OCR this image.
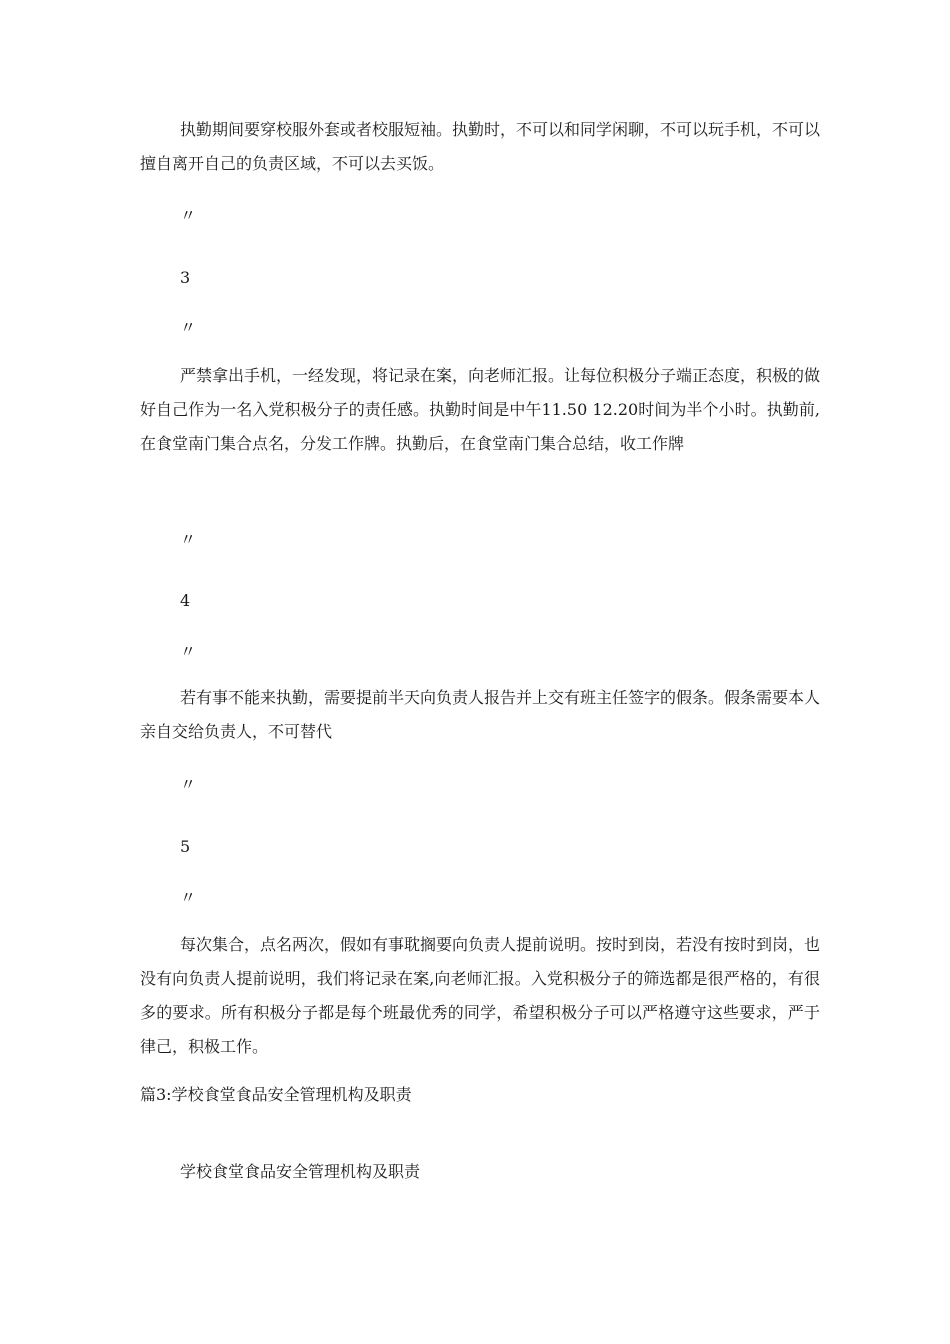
执勤期间要穿校服外套或者校服短袖。执勤时，不可以和同学闲聊，不可以玩手机，不可以擅自离开自己的负责区域，不可以去买饭。
〃
3
〃
严禁拿出手机，一经发现，将记录在案，向老师汇报。让每位积极分子端正态度，积极的做好自己作为一名入党积极分子的责任感。执勤时间是中午11.50 12.20时间为半个小时。执勤前,在食堂南门集合点名，分发工作牌。执勤后，在食堂南门集合总结，收工作牌
〃
4
〃
若有事不能来执勤，需要提前半天向负责人报告并上交有班主任签字的假条。假条需要本人亲自交给负责人，不可替代
〃
5
〃
每次集合，点名两次，假如有事耽搁要向负责人提前说明。按时到岗，若没有按时到岗，也没有向负责人提前说明，我们将记录在案,向老师汇报。入党积极分子的筛选都是很严格的，有很多的要求。所有积极分子都是每个班最优秀的同学，希望积极分子可以严格遵守这些要求，严于律己，积极工作。
篇3:学校食堂食品安全管理机构及职责
学校食堂食品安全管理机构及职责
